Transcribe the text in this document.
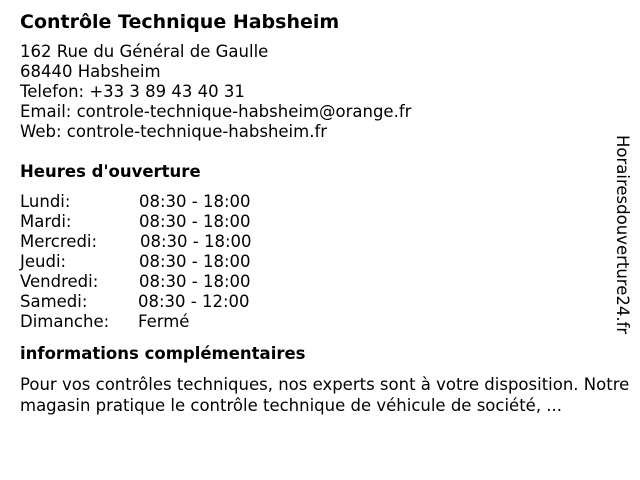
Contrôle Technique Habsheim
162 Rue du Général de Gaulle
68440 Habsheim
Telefon: +33 3 89 43 40 31
Email: controle-technique-habsheim@orange.fr
Web: controle-technique-habsheim.fr
Heures d'ouverture
Lundi:	08:30 - 18:00
Mardi:	08:30 - 18:00
Mercredi:	08:30 - 18:00
Jeudi:	08:30 - 18:00
Vendredi: 08:30 - 18:00
Samedi:	08:30 - 12:00
Dimanche: Fermé
informations complémentaires

Pour vos contrôles techniques, nos experts sont à votre disposition. Notre magasin pratique le contrôle technique de véhicule de société, ...

Horairesdouverture24.fr
